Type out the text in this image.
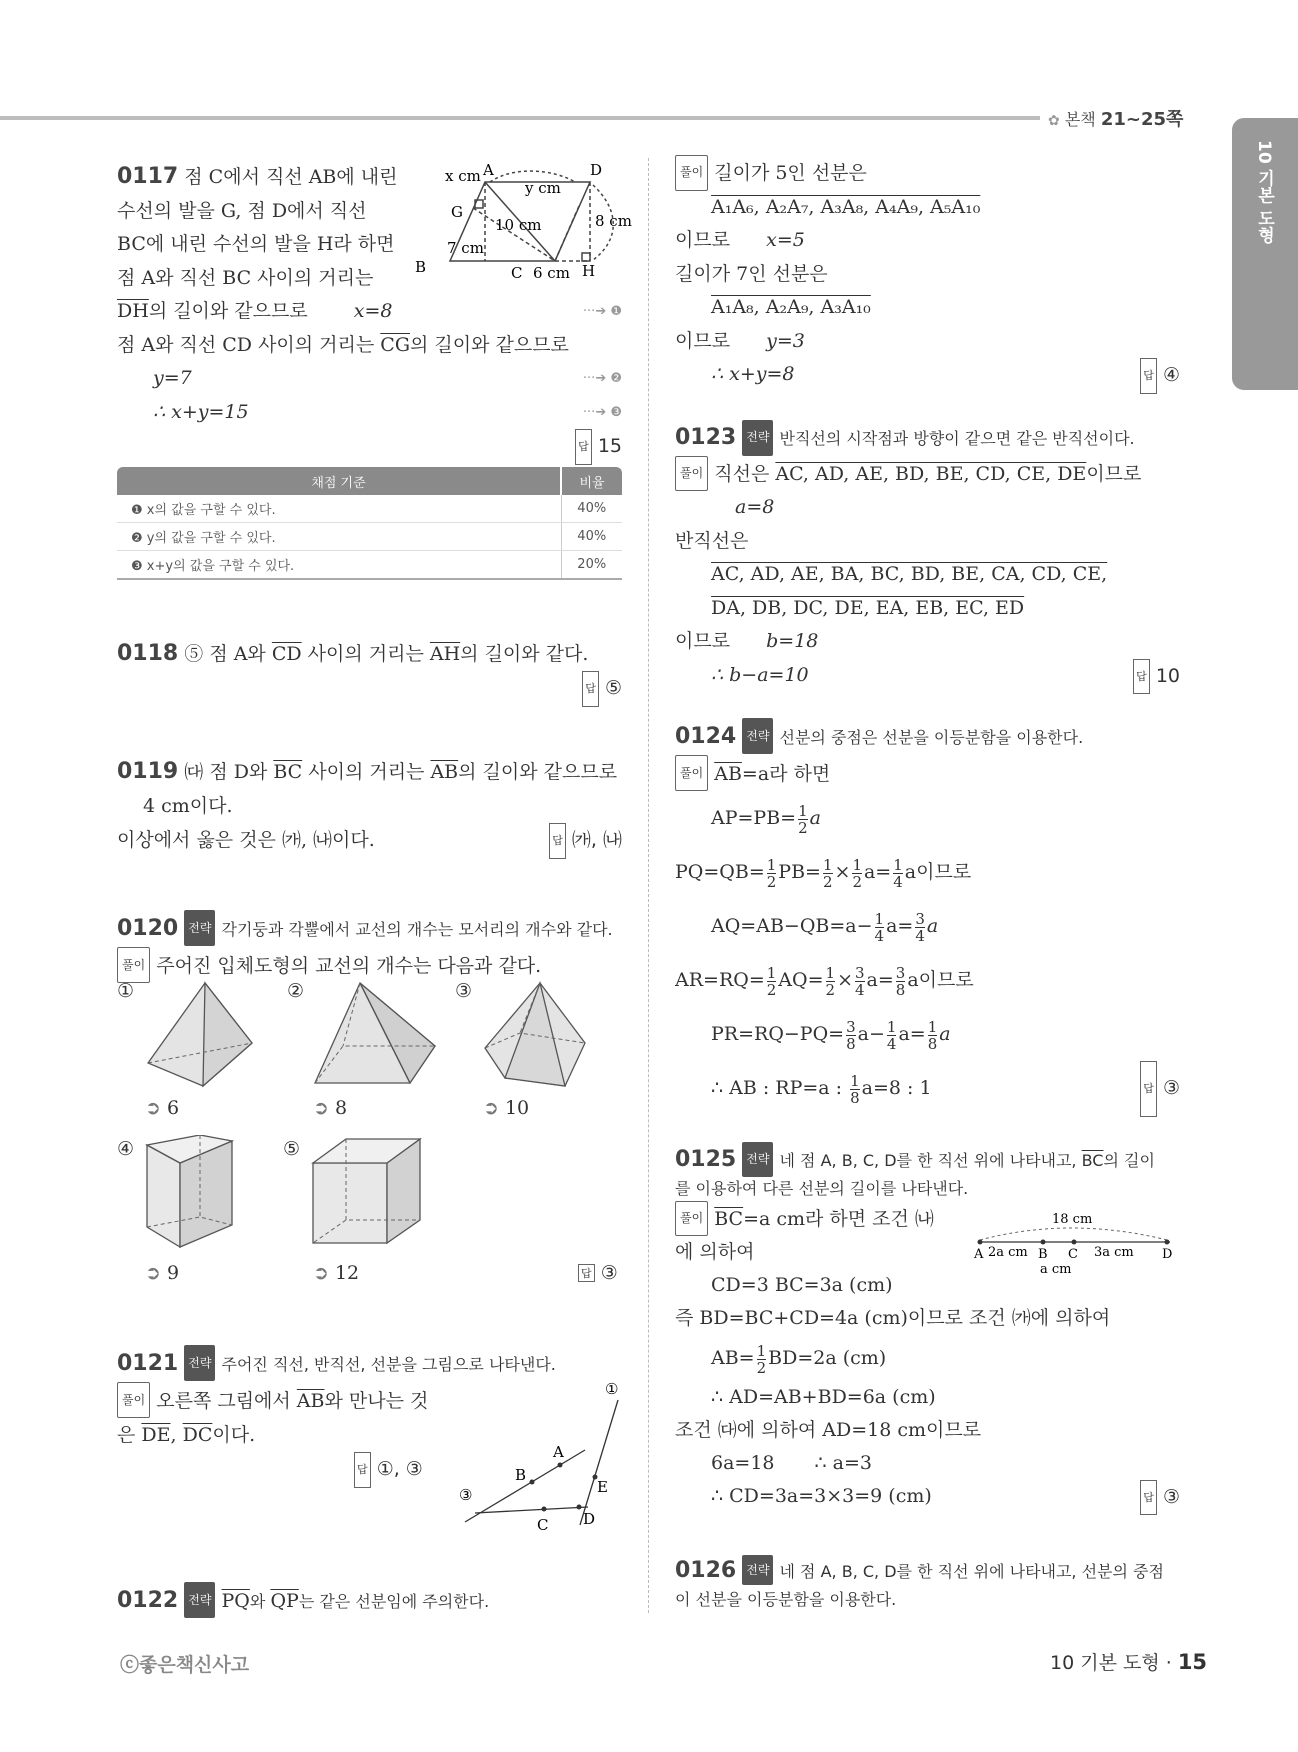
✿ 본책 21~25쪽
10 기본 도형
0117 점 C에서 직선 AB에 내린
수선의 발을 G, 점 D에서 직선
BC에 내린 수선의 발을 H라 하면
점 A와 직선 BC 사이의 거리는
$\overline{DH}$의 길이와 같으므로 x=8	···➔ ❶
점 A와 직선 CD 사이의 거리는 $\overline{CG}$의 길이와 같으므로
y=7	···➔ ❷
∴ x+y=15	···➔ ❸
답 15
x cm A	D
y cm
G
10 cm	8 cm
7 cm
B	C 6 cm H
채점 기준	비율
❶ x의 값을 구할 수 있다.	40%
❷ y의 값을 구할 수 있다.	40%
❸ x+y의 값을 구할 수 있다.	20%
0118 ⑤ 점 A와 $\overline{CD}$ 사이의 거리는 $\overline{AH}$의 길이와 같다.
답 ⑤
0119 ㈐ 점 D와 $\overline{BC}$ 사이의 거리는 $\overline{AB}$의 길이와 같으므로
4 cm이다.
이상에서 옳은 것은 ㈎, ㈏이다.	답 ㈎, ㈏
0120 전략 각기둥과 각뿔에서 교선의 개수는 모서리의 개수와 같다.
풀이 주어진 입체도형의 교선의 개수는 다음과 같다.
①	②	③
④	⑤
➲ 6	➲ 8	➲ 10
➲ 9	➲ 12	답 ③
0121 전략 주어진 직선, 반직선, 선분을 그림으로 나타낸다.
풀이 오른쪽 그림에서 $\overline{AB}$와 만나는 것
은 $\overline{DE}$, $\overline{DC}$이다.
답 ①, ③
①
③
A
B
E
C D
0122 전략 $\overline{PQ}$와 $\overline{QP}$는 같은 선분임에 주의한다.
풀이 길이가 5인 선분은
A₁A₆, A₂A₇, A₃A₈, A₄A₉, A₅A₁₀
이므로 x=5
길이가 7인 선분은
A₁A₈, A₂A₉, A₃A₁₀
이므로 y=3
∴ x+y=8	답 ④
0123 전략 반직선의 시작점과 방향이 같으면 같은 반직선이다.
풀이 직선은 AC, AD, AE, BD, BE, CD, CE, DE이므로
a=8
반직선은
AC, AD, AE, BA, BC, BD, BE, CA, CD, CE,
DA, DB, DC, DE, EA, EB, EC, ED
이므로 b=18
∴ b−a=10	답 10
0124 전략 선분의 중점은 선분을 이등분함을 이용한다.
풀이 $\overline{AB}=a$라 하면
$AP=PB= \frac{1}{2}$ a
$PQ=QB= \frac{1}{2} PB= \frac{1}{2} \times \frac{1}{2} a= \frac{1}{4}$ a이므로
$AQ=AB-QB=a- \frac{1}{4} a= \frac{3}{4}$ a
$AR=RQ= \frac{1}{2} AQ= \frac{1}{2} \times \frac{3}{4} a= \frac{3}{8}$ a이므로
$PR=RQ-PQ= \frac{3}{8} a- \frac{1}{4} a= \frac{1}{8}$ a
∴ AB : RP=a : $\frac{1}{8} a=8$ : 1	답 ③
0125 전략 네 점 A, B, C, D를 한 직선 위에 나타내고, $\overline{BC}$의 길이
를 이용하여 다른 선분의 길이를 나타낸다.
풀이 $\overline{BC}=a$ cm라 하면 조건 ㈏
에 의하여
CD=3 BC=3a (cm)
즉 BD=BC+CD=4a (cm)이므로 조건 ㈎에 의하여
$AB= \frac{1}{2} BD=2a$ (cm)
∴ AD=AB+BD=6a (cm)
조건 ㈐에 의하여 AD=18 cm이므로
6a=18 ∴ a=3
∴ CD=3a=3×3=9 (cm)	답 ③
18 cm
A 2a cm B C 3a cm D
a cm
0126 전략 네 점 A, B, C, D를 한 직선 위에 나타내고, 선분의 중점
이 선분을 이등분함을 이용한다.
ⓒ좋은책신사고	10 기본 도형 · 15
